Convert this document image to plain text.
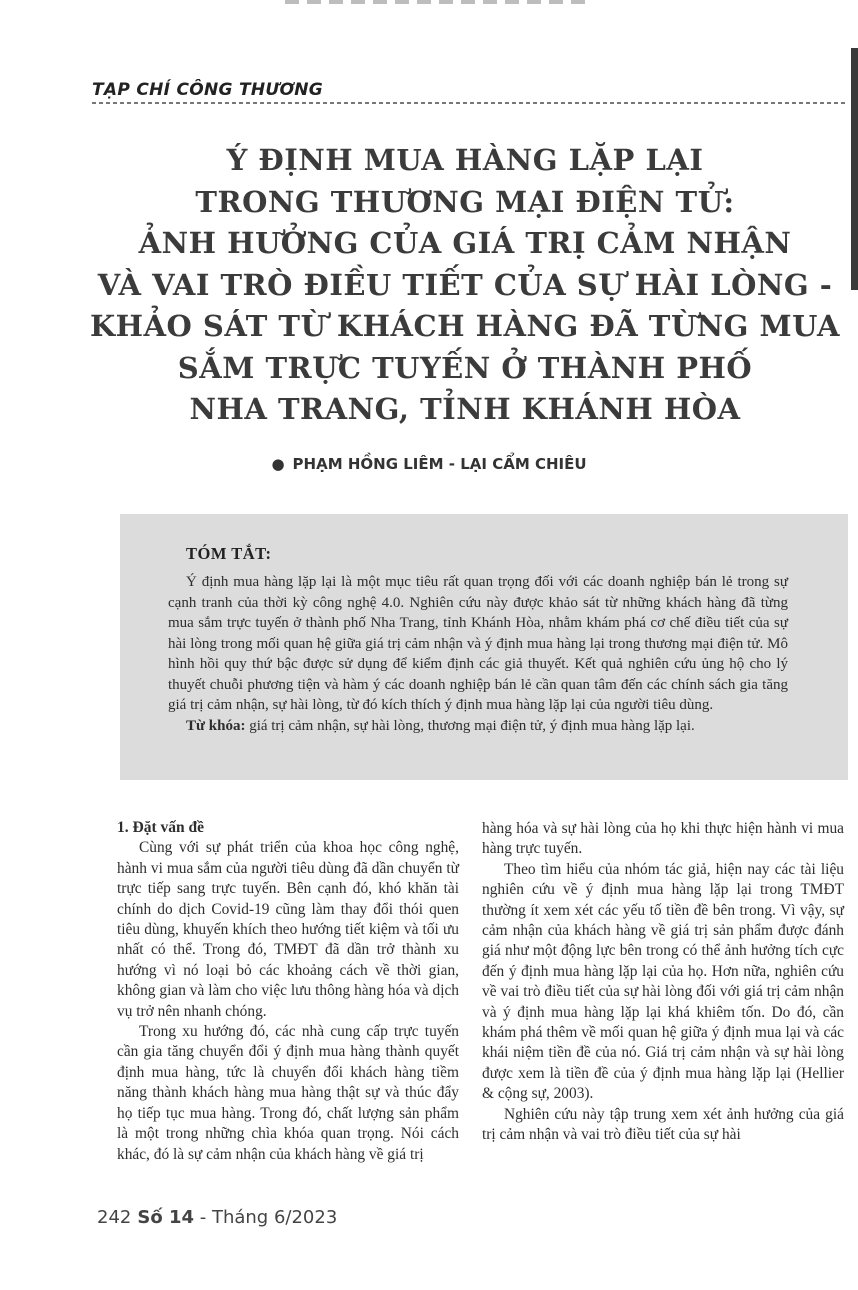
TẠP CHÍ CÔNG THƯƠNG
Ý ĐỊNH MUA HÀNG LẶP LẠI
TRONG THƯƠNG MẠI ĐIỆN TỬ:
ẢNH HƯỞNG CỦA GIÁ TRỊ CẢM NHẬN
VÀ VAI TRÒ ĐIỀU TIẾT CỦA SỰ HÀI LÒNG -
KHẢO SÁT TỪ KHÁCH HÀNG ĐÃ TỪNG MUA
SẮM TRỰC TUYẾN Ở THÀNH PHỐ
NHA TRANG, TỈNH KHÁNH HÒA
● PHẠM HỒNG LIÊM - LẠI CẨM CHIÊU
TÓM TẮT:

Ý định mua hàng lặp lại là một mục tiêu rất quan trọng đối với các doanh nghiệp bán lẻ trong sự cạnh tranh của thời kỳ công nghệ 4.0. Nghiên cứu này được khảo sát từ những khách hàng đã từng mua sắm trực tuyến ở thành phố Nha Trang, tỉnh Khánh Hòa, nhằm khám phá cơ chế điều tiết của sự hài lòng trong mối quan hệ giữa giá trị cảm nhận và ý định mua hàng lại trong thương mại điện tử. Mô hình hồi quy thứ bậc được sử dụng để kiểm định các giả thuyết. Kết quả nghiên cứu ủng hộ cho lý thuyết chuỗi phương tiện và hàm ý các doanh nghiệp bán lẻ cần quan tâm đến các chính sách gia tăng giá trị cảm nhận, sự hài lòng, từ đó kích thích ý định mua hàng lặp lại của người tiêu dùng.

Từ khóa: giá trị cảm nhận, sự hài lòng, thương mại điện tử, ý định mua hàng lặp lại.

1. Đặt vấn đề

Cùng với sự phát triển của khoa học công nghệ, hành vi mua sắm của người tiêu dùng đã dần chuyển từ trực tiếp sang trực tuyến. Bên cạnh đó, khó khăn tài chính do dịch Covid-19 cũng làm thay đổi thói quen tiêu dùng, khuyến khích theo hướng tiết kiệm và tối ưu nhất có thể. Trong đó, TMĐT đã dần trở thành xu hướng vì nó loại bỏ các khoảng cách về thời gian, không gian và làm cho việc lưu thông hàng hóa và dịch vụ trở nên nhanh chóng.

Trong xu hướng đó, các nhà cung cấp trực tuyến cần gia tăng chuyển đổi ý định mua hàng thành quyết định mua hàng, tức là chuyển đổi khách hàng tiềm năng thành khách hàng mua hàng thật sự và thúc đẩy họ tiếp tục mua hàng. Trong đó, chất lượng sản phẩm là một trong những chìa khóa quan trọng. Nói cách khác, đó là sự cảm nhận của khách hàng về giá trị

hàng hóa và sự hài lòng của họ khi thực hiện hành vi mua hàng trực tuyến.

Theo tìm hiểu của nhóm tác giả, hiện nay các tài liệu nghiên cứu về ý định mua hàng lặp lại trong TMĐT thường ít xem xét các yếu tố tiền đề bên trong. Vì vậy, sự cảm nhận của khách hàng về giá trị sản phẩm được đánh giá như một động lực bên trong có thể ảnh hưởng tích cực đến ý định mua hàng lặp lại của họ. Hơn nữa, nghiên cứu về vai trò điều tiết của sự hài lòng đối với giá trị cảm nhận và ý định mua hàng lặp lại khá khiêm tốn. Do đó, cần khám phá thêm về mối quan hệ giữa ý định mua lại và các khái niệm tiền đề của nó. Giá trị cảm nhận và sự hài lòng được xem là tiền đề của ý định mua hàng lặp lại (Hellier & cộng sự, 2003).

Nghiên cứu này tập trung xem xét ảnh hưởng của giá trị cảm nhận và vai trò điều tiết của sự hài

242 Số 14 - Tháng 6/2023
